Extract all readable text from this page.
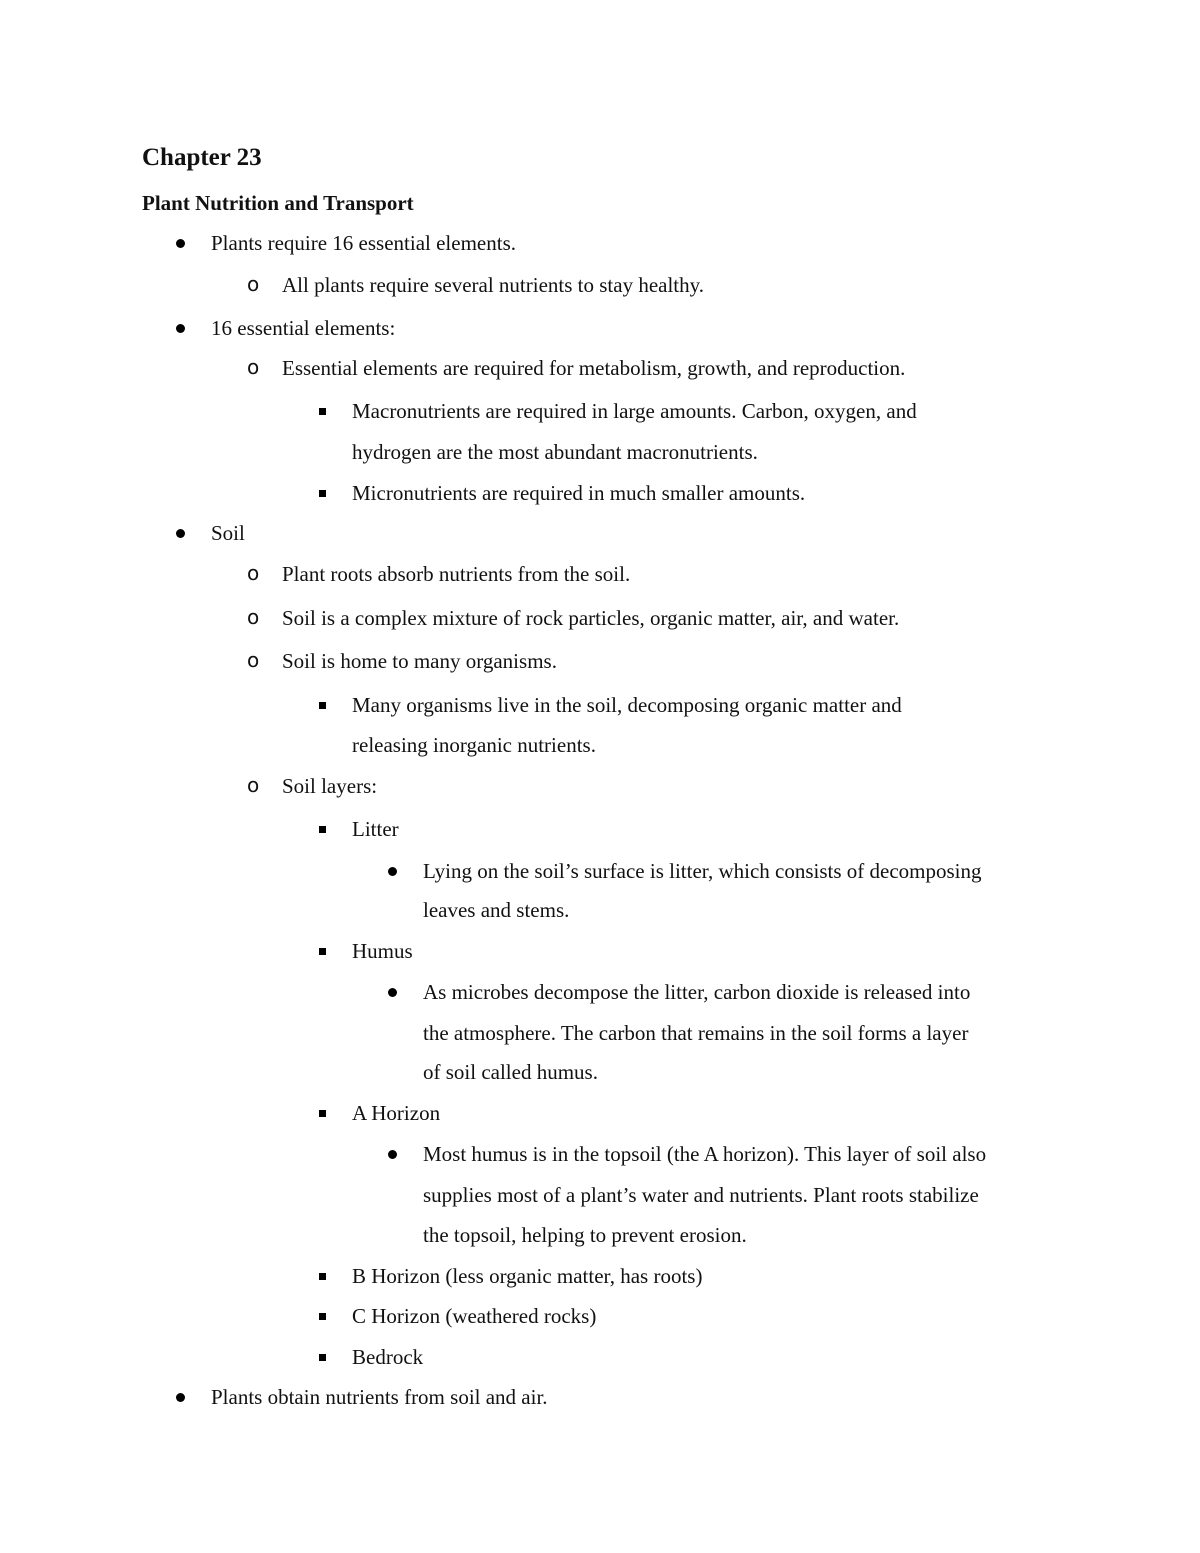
Chapter 23
Plant Nutrition and Transport
Plants require 16 essential elements.
o All plants require several nutrients to stay healthy.
16 essential elements:
o Essential elements are required for metabolism, growth, and reproduction.
Macronutrients are required in large amounts. Carbon, oxygen, and
hydrogen are the most abundant macronutrients.
Micronutrients are required in much smaller amounts.
Soil
o Plant roots absorb nutrients from the soil.
o Soil is a complex mixture of rock particles, organic matter, air, and water.
o Soil is home to many organisms.
Many organisms live in the soil, decomposing organic matter and
releasing inorganic nutrients.
o Soil layers:
Litter
Lying on the soil’s surface is litter, which consists of decomposing
leaves and stems.
Humus
As microbes decompose the litter, carbon dioxide is released into
the atmosphere. The carbon that remains in the soil forms a layer
of soil called humus.
A Horizon
Most humus is in the topsoil (the A horizon). This layer of soil also
supplies most of a plant’s water and nutrients. Plant roots stabilize
the topsoil, helping to prevent erosion.
B Horizon (less organic matter, has roots)
C Horizon (weathered rocks)
Bedrock
Plants obtain nutrients from soil and air.
